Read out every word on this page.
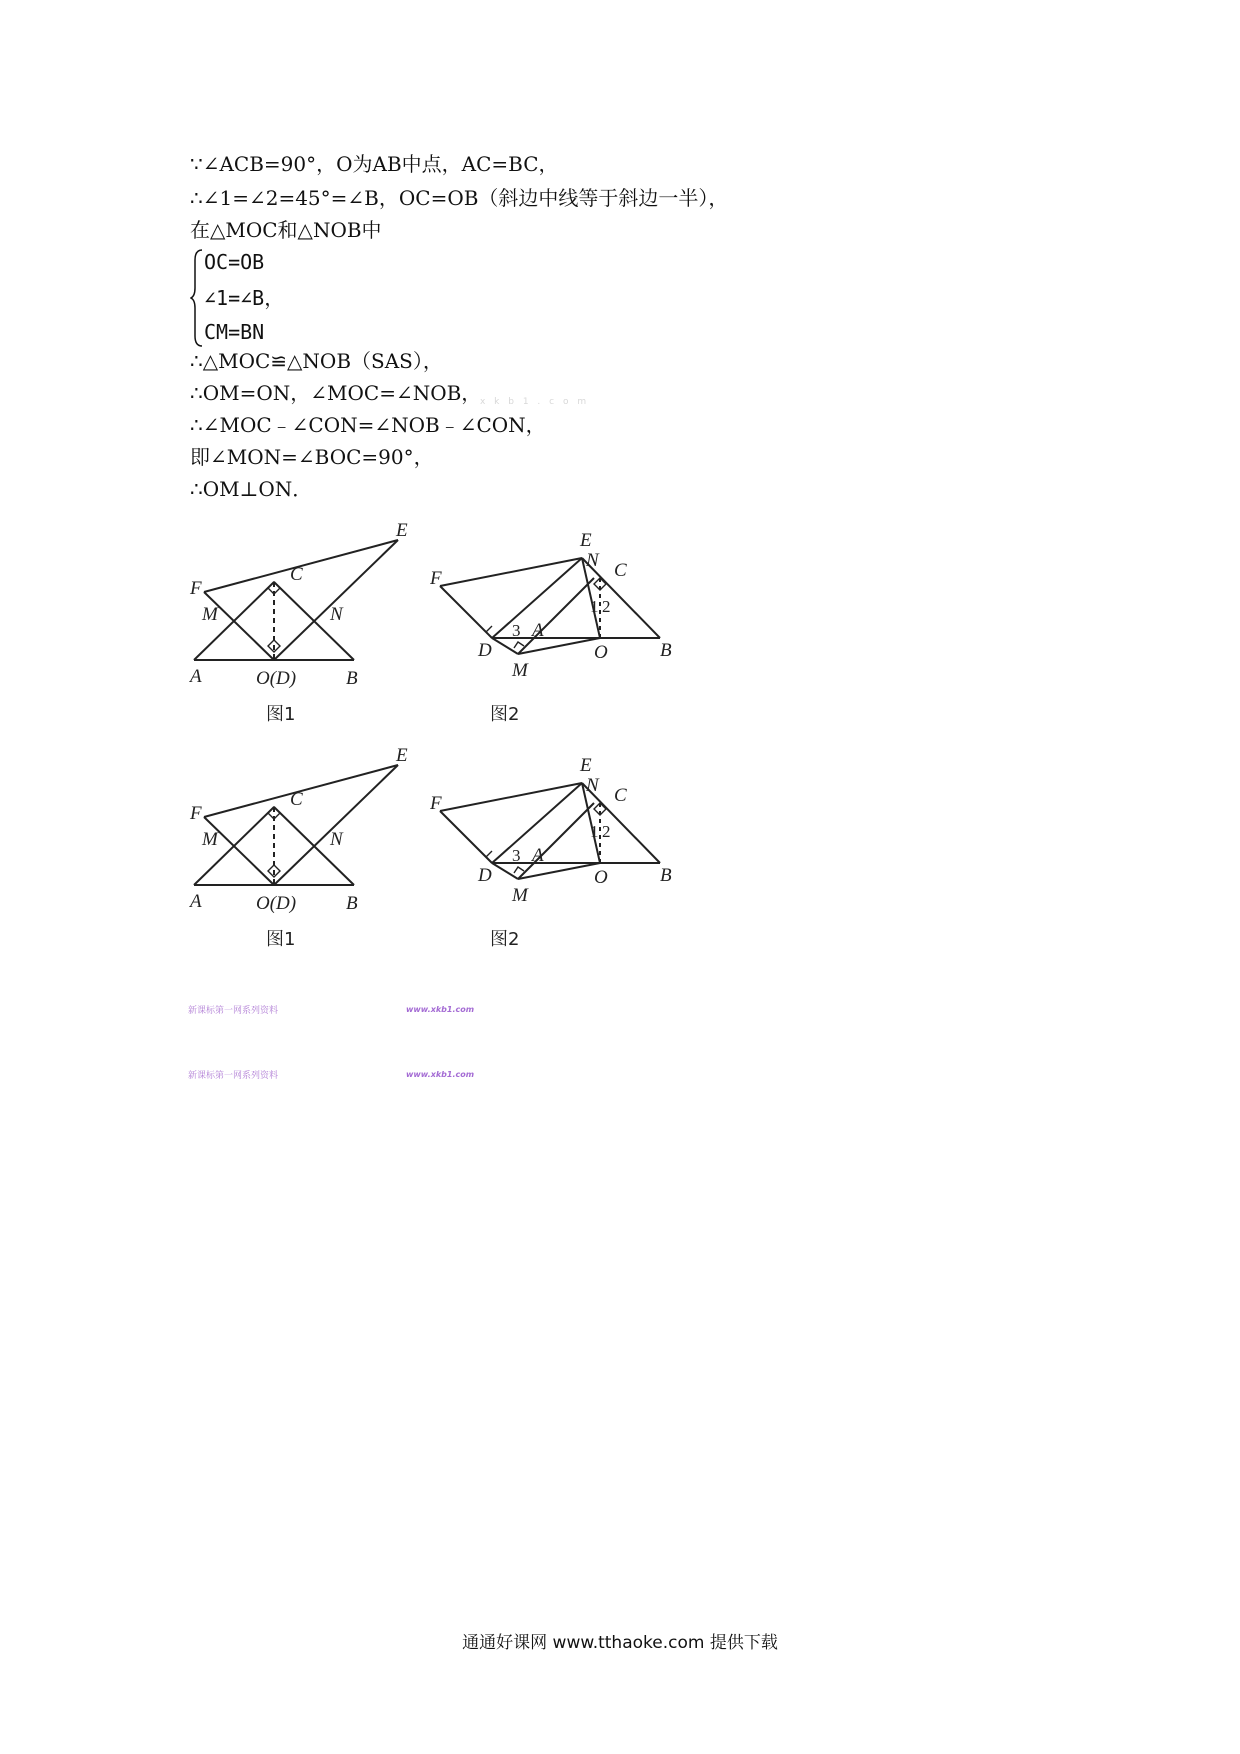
∵∠ACB=90°，O为AB中点，AC=BC，
∴∠1=∠2=45°=∠B，OC=OB（斜边中线等于斜边一半），
在△MOC和△NOB中
OC=OB
∠1=∠B，
CM=BN
∴△MOC≌△NOB（SAS），
∴OM=ON，∠MOC=∠NOB，
x k b 1 . c o m
∴∠MOC﹣∠CON=∠NOB﹣∠CON，
即∠MON=∠BOC=90°，
∴OM⊥ON．
E
F
C
M	N
A	O(D)	B
图1
E
N C
F
1 2
3 A
D	O	B
M
图2
E
F
C
M	N
A	O(D)	B
图1
E
N C
F
1 2
3 A
D	O	B
M
图2
新课标第一网系列资料	www.xkb1.com
新课标第一网系列资料	www.xkb1.com
通通好课网 www.tthaoke.com 提供下载
